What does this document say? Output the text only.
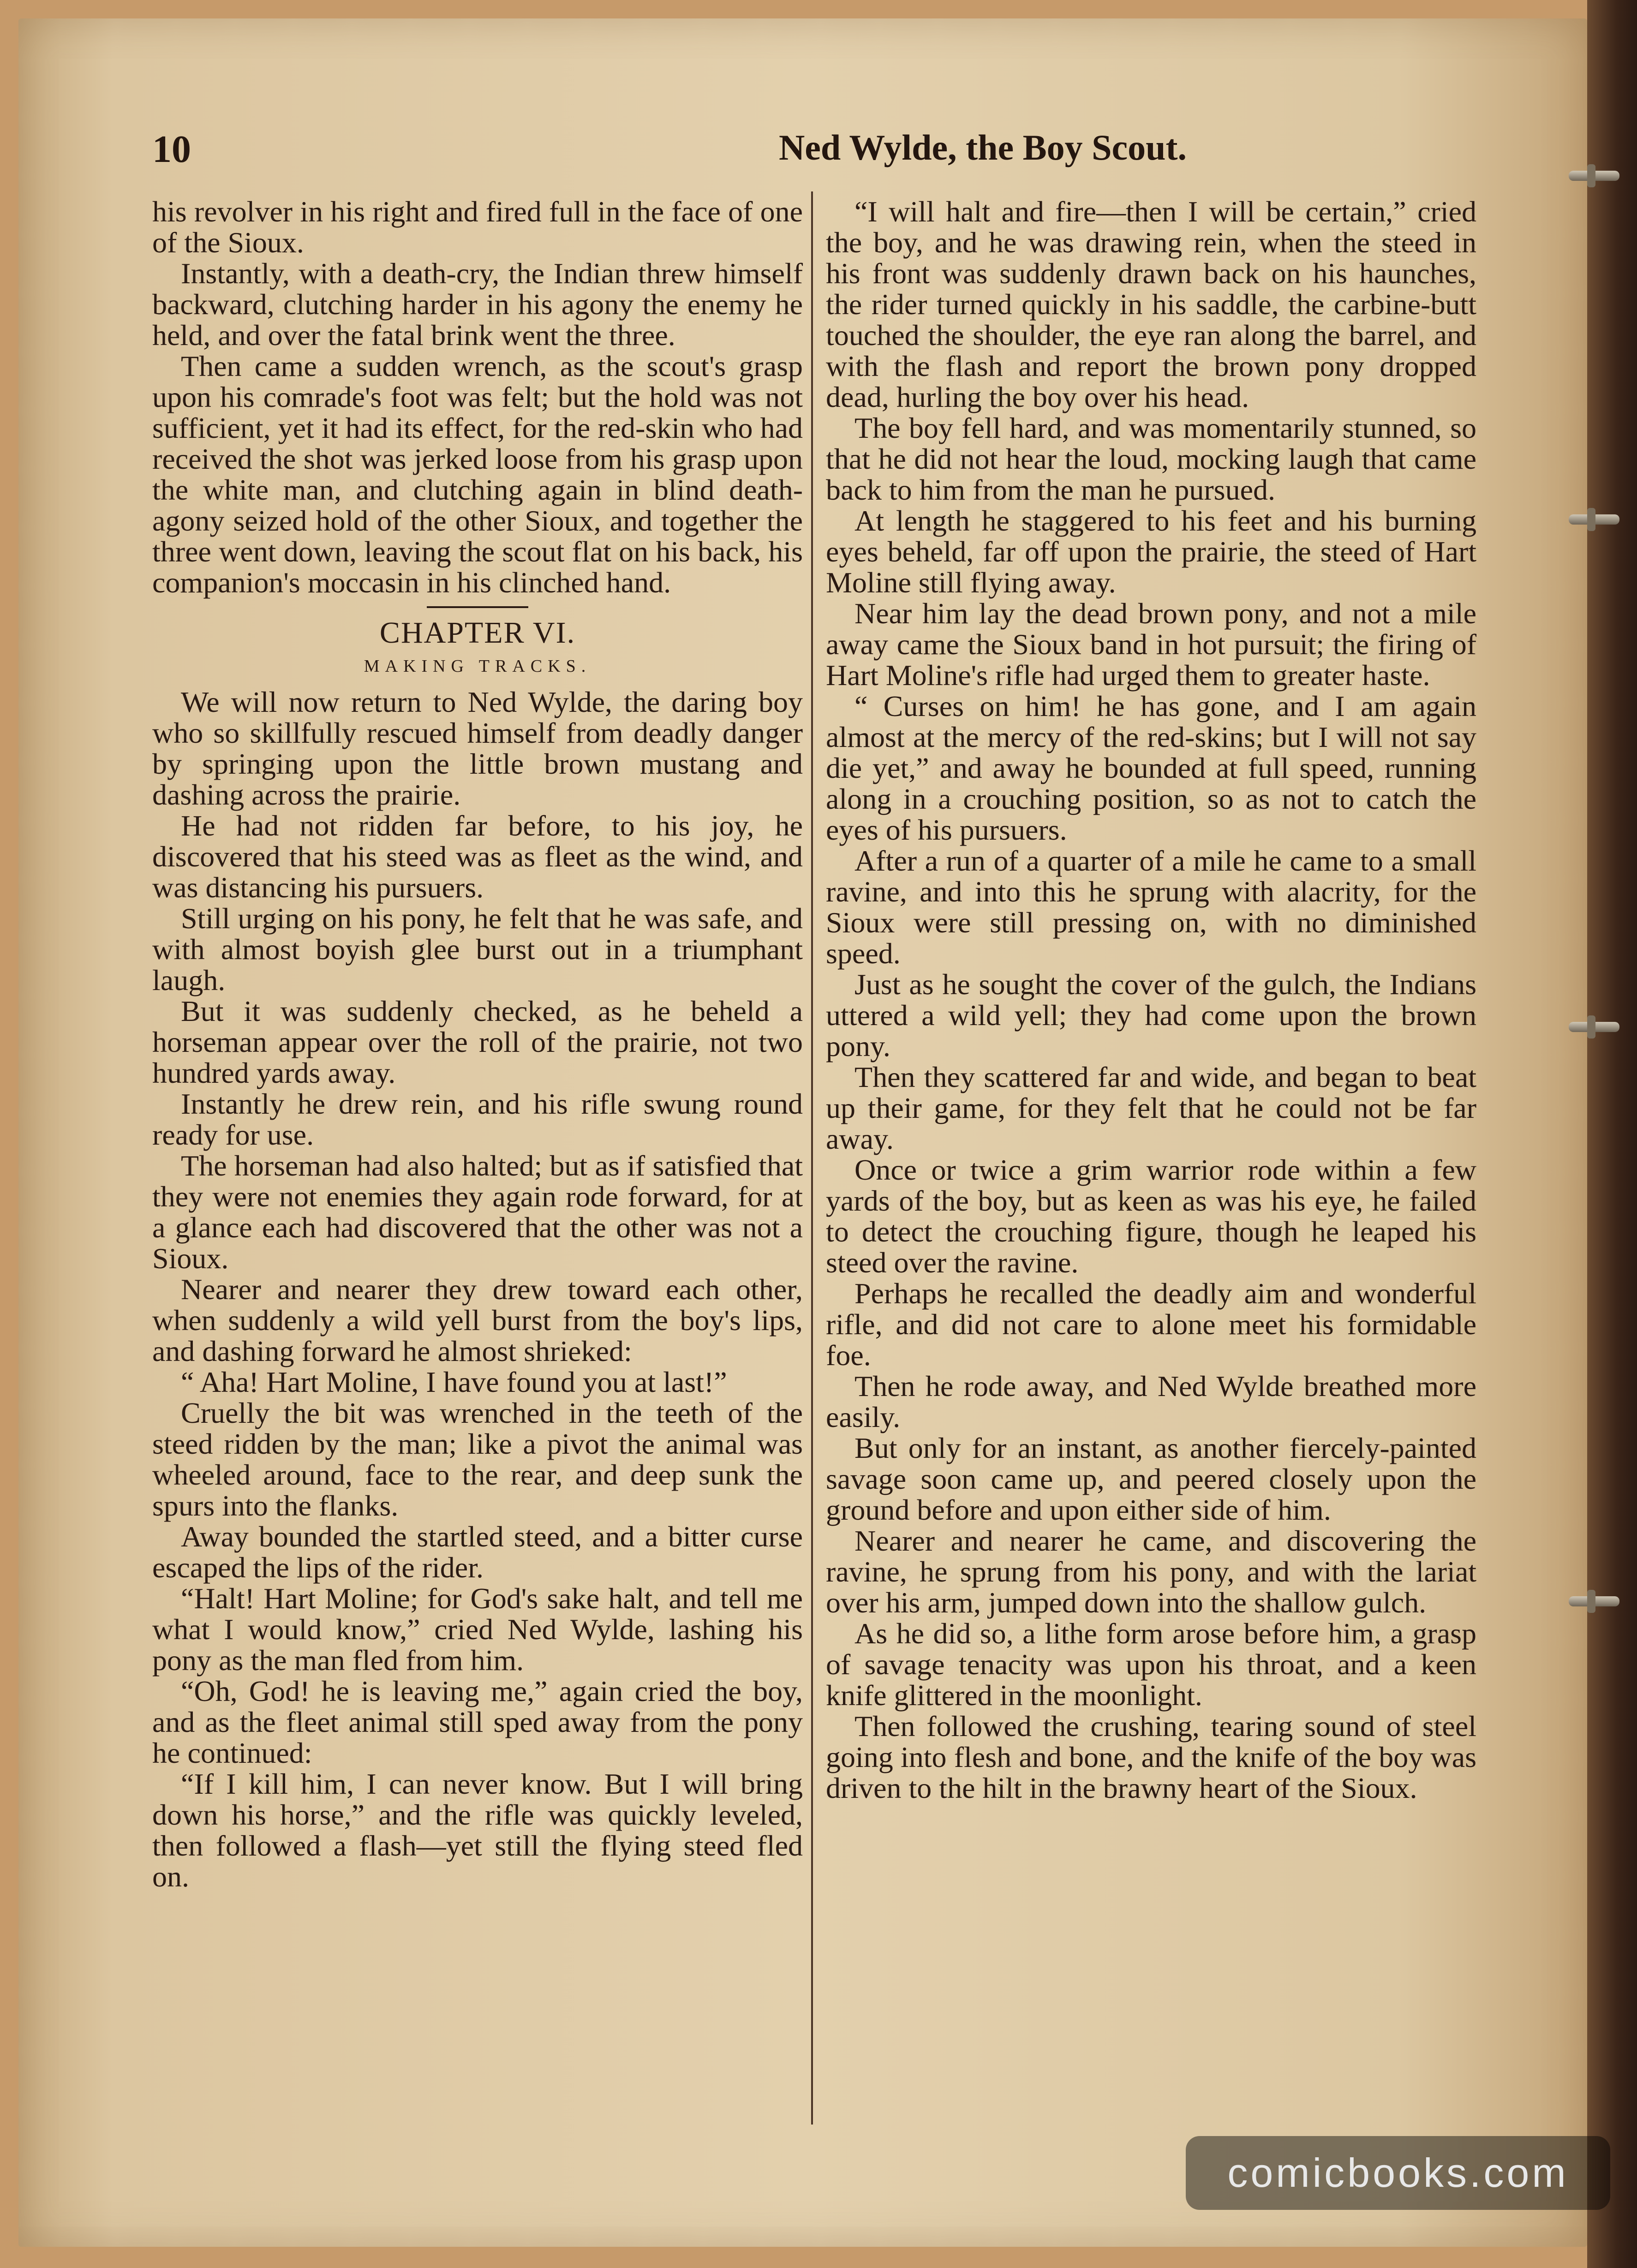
10	Ned Wylde, the Boy Scout.

his revolver in his right and fired full in the face of one of the Sioux.

Instantly, with a death-cry, the Indian threw himself backward, clutching harder in his agony the enemy he held, and over the fatal brink went the three.

Then came a sudden wrench, as the scout's grasp upon his comrade's foot was felt; but the hold was not sufficient, yet it had its effect, for the red-skin who had received the shot was jerked loose from his grasp upon the white man, and clutching again in blind death-agony seized hold of the other Sioux, and together the three went down, leaving the scout flat on his back, his companion's moccasin in his clinched hand.

CHAPTER VI.
MAKING TRACKS.

We will now return to Ned Wylde, the daring boy who so skillfully rescued himself from deadly danger by springing upon the little brown mustang and dashing across the prairie.

He had not ridden far before, to his joy, he discovered that his steed was as fleet as the wind, and was distancing his pursuers.

Still urging on his pony, he felt that he was safe, and with almost boyish glee burst out in a triumphant laugh.

But it was suddenly checked, as he beheld a horseman appear over the roll of the prairie, not two hundred yards away.

Instantly he drew rein, and his rifle swung round ready for use.

The horseman had also halted; but as if satisfied that they were not enemies they again rode forward, for at a glance each had discovered that the other was not a Sioux.

Nearer and nearer they drew toward each other, when suddenly a wild yell burst from the boy's lips, and dashing forward he almost shrieked:

“ Aha! Hart Moline, I have found you at last!”

Cruelly the bit was wrenched in the teeth of the steed ridden by the man; like a pivot the animal was wheeled around, face to the rear, and deep sunk the spurs into the flanks.

Away bounded the startled steed, and a bitter curse escaped the lips of the rider.

“Halt! Hart Moline; for God's sake halt, and tell me what I would know,” cried Ned Wylde, lashing his pony as the man fled from him.

“Oh, God! he is leaving me,” again cried the boy, and as the fleet animal still sped away from the pony he continued:

“If I kill him, I can never know. But I will bring down his horse,” and the rifle was quickly leveled, then followed a flash—yet still the flying steed fled on.

“I will halt and fire—then I will be certain,” cried the boy, and he was drawing rein, when the steed in his front was suddenly drawn back on his haunches, the rider turned quickly in his saddle, the carbine-butt touched the shoulder, the eye ran along the barrel, and with the flash and report the brown pony dropped dead, hurling the boy over his head.

The boy fell hard, and was momentarily stunned, so that he did not hear the loud, mocking laugh that came back to him from the man he pursued.

At length he staggered to his feet and his burning eyes beheld, far off upon the prairie, the steed of Hart Moline still flying away.

Near him lay the dead brown pony, and not a mile away came the Sioux band in hot pursuit; the firing of Hart Moline's rifle had urged them to greater haste.

“ Curses on him! he has gone, and I am again almost at the mercy of the red-skins; but I will not say die yet,” and away he bounded at full speed, running along in a crouching position, so as not to catch the eyes of his pursuers.

After a run of a quarter of a mile he came to a small ravine, and into this he sprung with alacrity, for the Sioux were still pressing on, with no diminished speed.

Just as he sought the cover of the gulch, the Indians uttered a wild yell; they had come upon the brown pony.

Then they scattered far and wide, and began to beat up their game, for they felt that he could not be far away.

Once or twice a grim warrior rode within a few yards of the boy, but as keen as was his eye, he failed to detect the crouching figure, though he leaped his steed over the ravine.

Perhaps he recalled the deadly aim and wonderful rifle, and did not care to alone meet his formidable foe.

Then he rode away, and Ned Wylde breathed more easily.

But only for an instant, as another fiercely-painted savage soon came up, and peered closely upon the ground before and upon either side of him.

Nearer and nearer he came, and discovering the ravine, he sprung from his pony, and with the lariat over his arm, jumped down into the shallow gulch.

As he did so, a lithe form arose before him, a grasp of savage tenacity was upon his throat, and a keen knife glittered in the moonlight.

Then followed the crushing, tearing sound of steel going into flesh and bone, and the knife of the boy was driven to the hilt in the brawny heart of the Sioux.

comicbooks.com
